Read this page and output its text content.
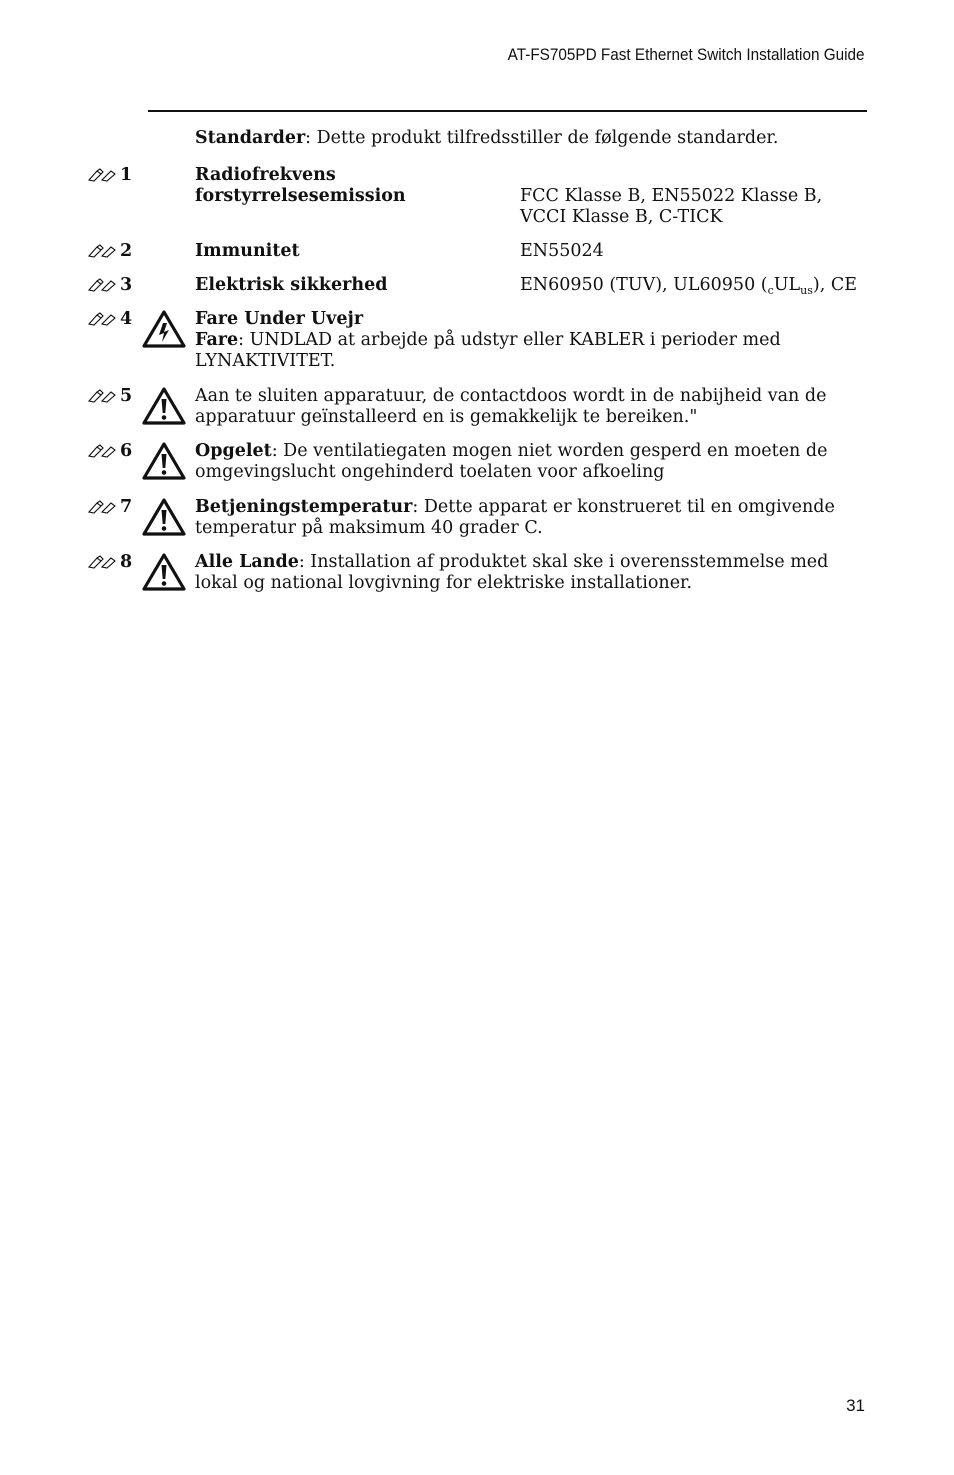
AT-FS705PD Fast Ethernet Switch Installation Guide
Standarder: Dette produkt tilfredsstiller de følgende standarder.
1	Radiofrekvens
forstyrrelsesemission	FCC Klasse B, EN55022 Klasse B,
VCCI Klasse B, C-TICK
2	Immunitet	EN55024
3	Elektrisk sikkerhed	EN60950 (TUV), UL60950 $(_cUL_{us})$, CE
4	Fare Under Uvejr
Fare: UNDLAD at arbejde på udstyr eller KABLER i perioder med
LYNAKTIVITET.
5	Aan te sluiten apparatuur, de contactdoos wordt in de nabijheid van de
apparatuur geïnstalleerd en is gemakkelijk te bereiken."
6	Opgelet: De ventilatiegaten mogen niet worden gesperd en moeten de
omgevingslucht ongehinderd toelaten voor afkoeling
7	Betjeningstemperatur: Dette apparat er konstrueret til en omgivende
temperatur på maksimum 40 grader C.
8	Alle Lande: Installation af produktet skal ske i overensstemmelse med
lokal og national lovgivning for elektriske installationer.
31
